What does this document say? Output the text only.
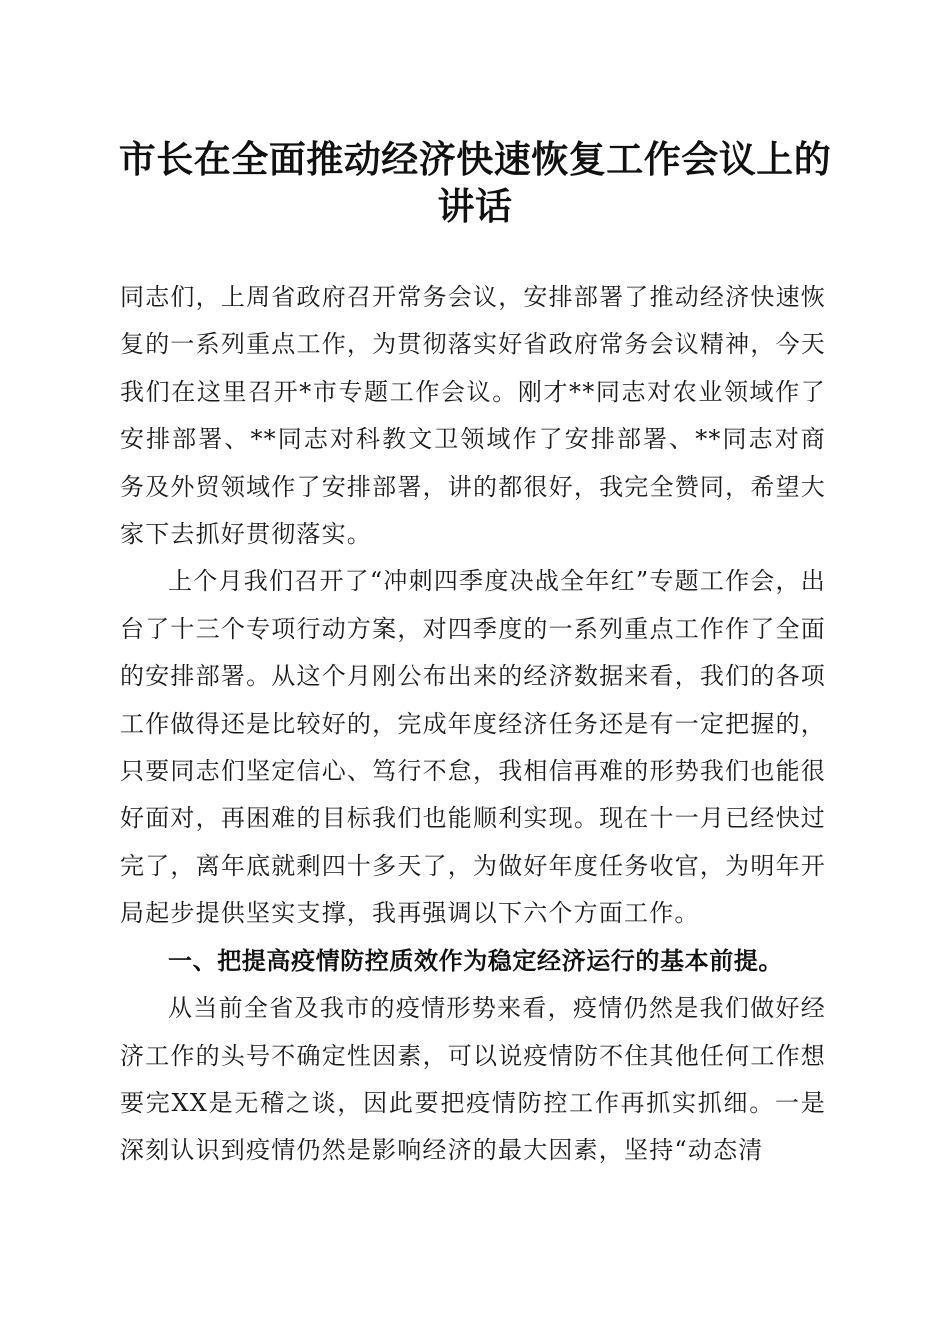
市长在全面推动经济快速恢复工作会议上的讲话

同志们，上周省政府召开常务会议，安排部署了推动经济快速恢复的一系列重点工作，为贯彻落实好省政府常务会议精神，今天我们在这里召开*市专题工作会议。刚才**同志对农业领域作了安排部署、**同志对科教文卫领域作了安排部署、**同志对商务及外贸领域作了安排部署，讲的都很好，我完全赞同，希望大家下去抓好贯彻落实。

上个月我们召开了“冲刺四季度决战全年红”专题工作会，出台了十三个专项行动方案，对四季度的一系列重点工作作了全面的安排部署。从这个月刚公布出来的经济数据来看，我们的各项工作做得还是比较好的，完成年度经济任务还是有一定把握的，只要同志们坚定信心、笃行不怠，我相信再难的形势我们也能很好面对，再困难的目标我们也能顺利实现。现在十一月已经快过完了，离年底就剩四十多天了，为做好年度任务收官，为明年开局起步提供坚实支撑，我再强调以下六个方面工作。

一、把提高疫情防控质效作为稳定经济运行的基本前提。

从当前全省及我市的疫情形势来看，疫情仍然是我们做好经济工作的头号不确定性因素，可以说疫情防不住其他任何工作想要完XX是无稽之谈，因此要把疫情防控工作再抓实抓细。一是深刻认识到疫情仍然是影响经济的最大因素，坚持“动态清
